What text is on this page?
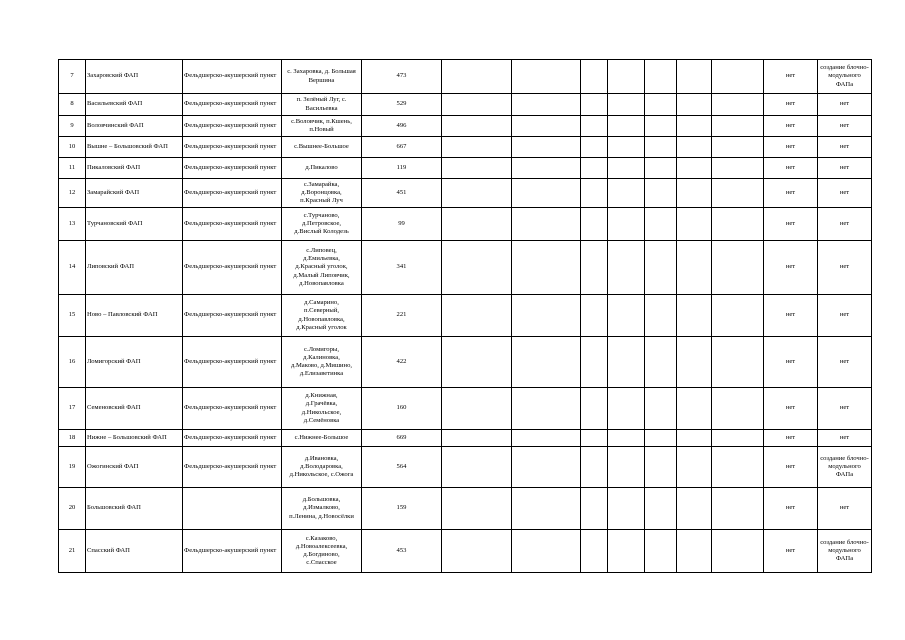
7	Захаровский ФАП	Фельдшерско-акушерский пункт	с. Захаровка, д. Большая Вершина	473								нет	создание блочно-модульного ФАПа

8	Васильевский ФАП	Фельдшерско-акушерский пункт	п. Зелёный Луг, с. Васильевка	529								нет	нет

9	Воловчинский ФАП	Фельдшерско-акушерский пункт	с.Воловчик, п.Кшень, п.Новый	496								нет	нет

10	Вышне – Большовский ФАП	Фельдшерско-акушерский пункт	с.Вышнее-Большое	667								нет	нет

11	Пикаловский ФАП	Фельдшерско-акушерский пункт	д.Пикалово	119								нет	нет

12	Замарайский ФАП	Фельдшерско-акушерский пункт	с.Замарайка,
д.Воронцовка,
п.Красный Луч	451								нет	нет

13	Турчановский ФАП	Фельдшерско-акушерский пункт	с.Турчаново,
д.Петровское,
д.Вислый Колодезь	99								нет	нет

14	Липовский ФАП	Фельдшерско-акушерский пункт	с.Липовец,
д.Емильевка,
д.Красный уголок,
д.Малый Липовчик,
д.Новопавловка	341								нет	нет

15	Ново – Павловский ФАП	Фельдшерско-акушерский пункт	д.Самарино,
п.Северный,
д.Новопавловка,
д.Красный уголок	221								нет	нет

16	Ломигорский ФАП	Фельдшерско-акушерский пункт	с.Ломигоры,
д.Калиновка,
д.Маково, д.Мишино,
д.Елизаветинка	422								нет	нет

17	Семеновский ФАП	Фельдшерско-акушерский пункт	д.Книжная,
д.Грачёвка,
д.Никольское,
д.Семёновка	160								нет	нет

18	Нижне – Большовский ФАП	Фельдшерско-акушерский пункт	с.Нижнее-Большое	669								нет	нет

19	Ожогинский ФАП	Фельдшерско-акушерский пункт	д.Ивановка,
д.Володаровка,
д.Никольское, с.Ожога	564								нет	создание блочно-модульного ФАПа

20	Большовский ФАП		д.Большовка,
д.Измалково,
п.Ленина, д.Новосёлки	159								нет	нет

21	Спасский ФАП	Фельдшерско-акушерский пункт	с.Казаково,
д.Новоалексеевка,
д.Богдиново,
с.Спасское	453								нет	создание блочно-модульного ФАПа
